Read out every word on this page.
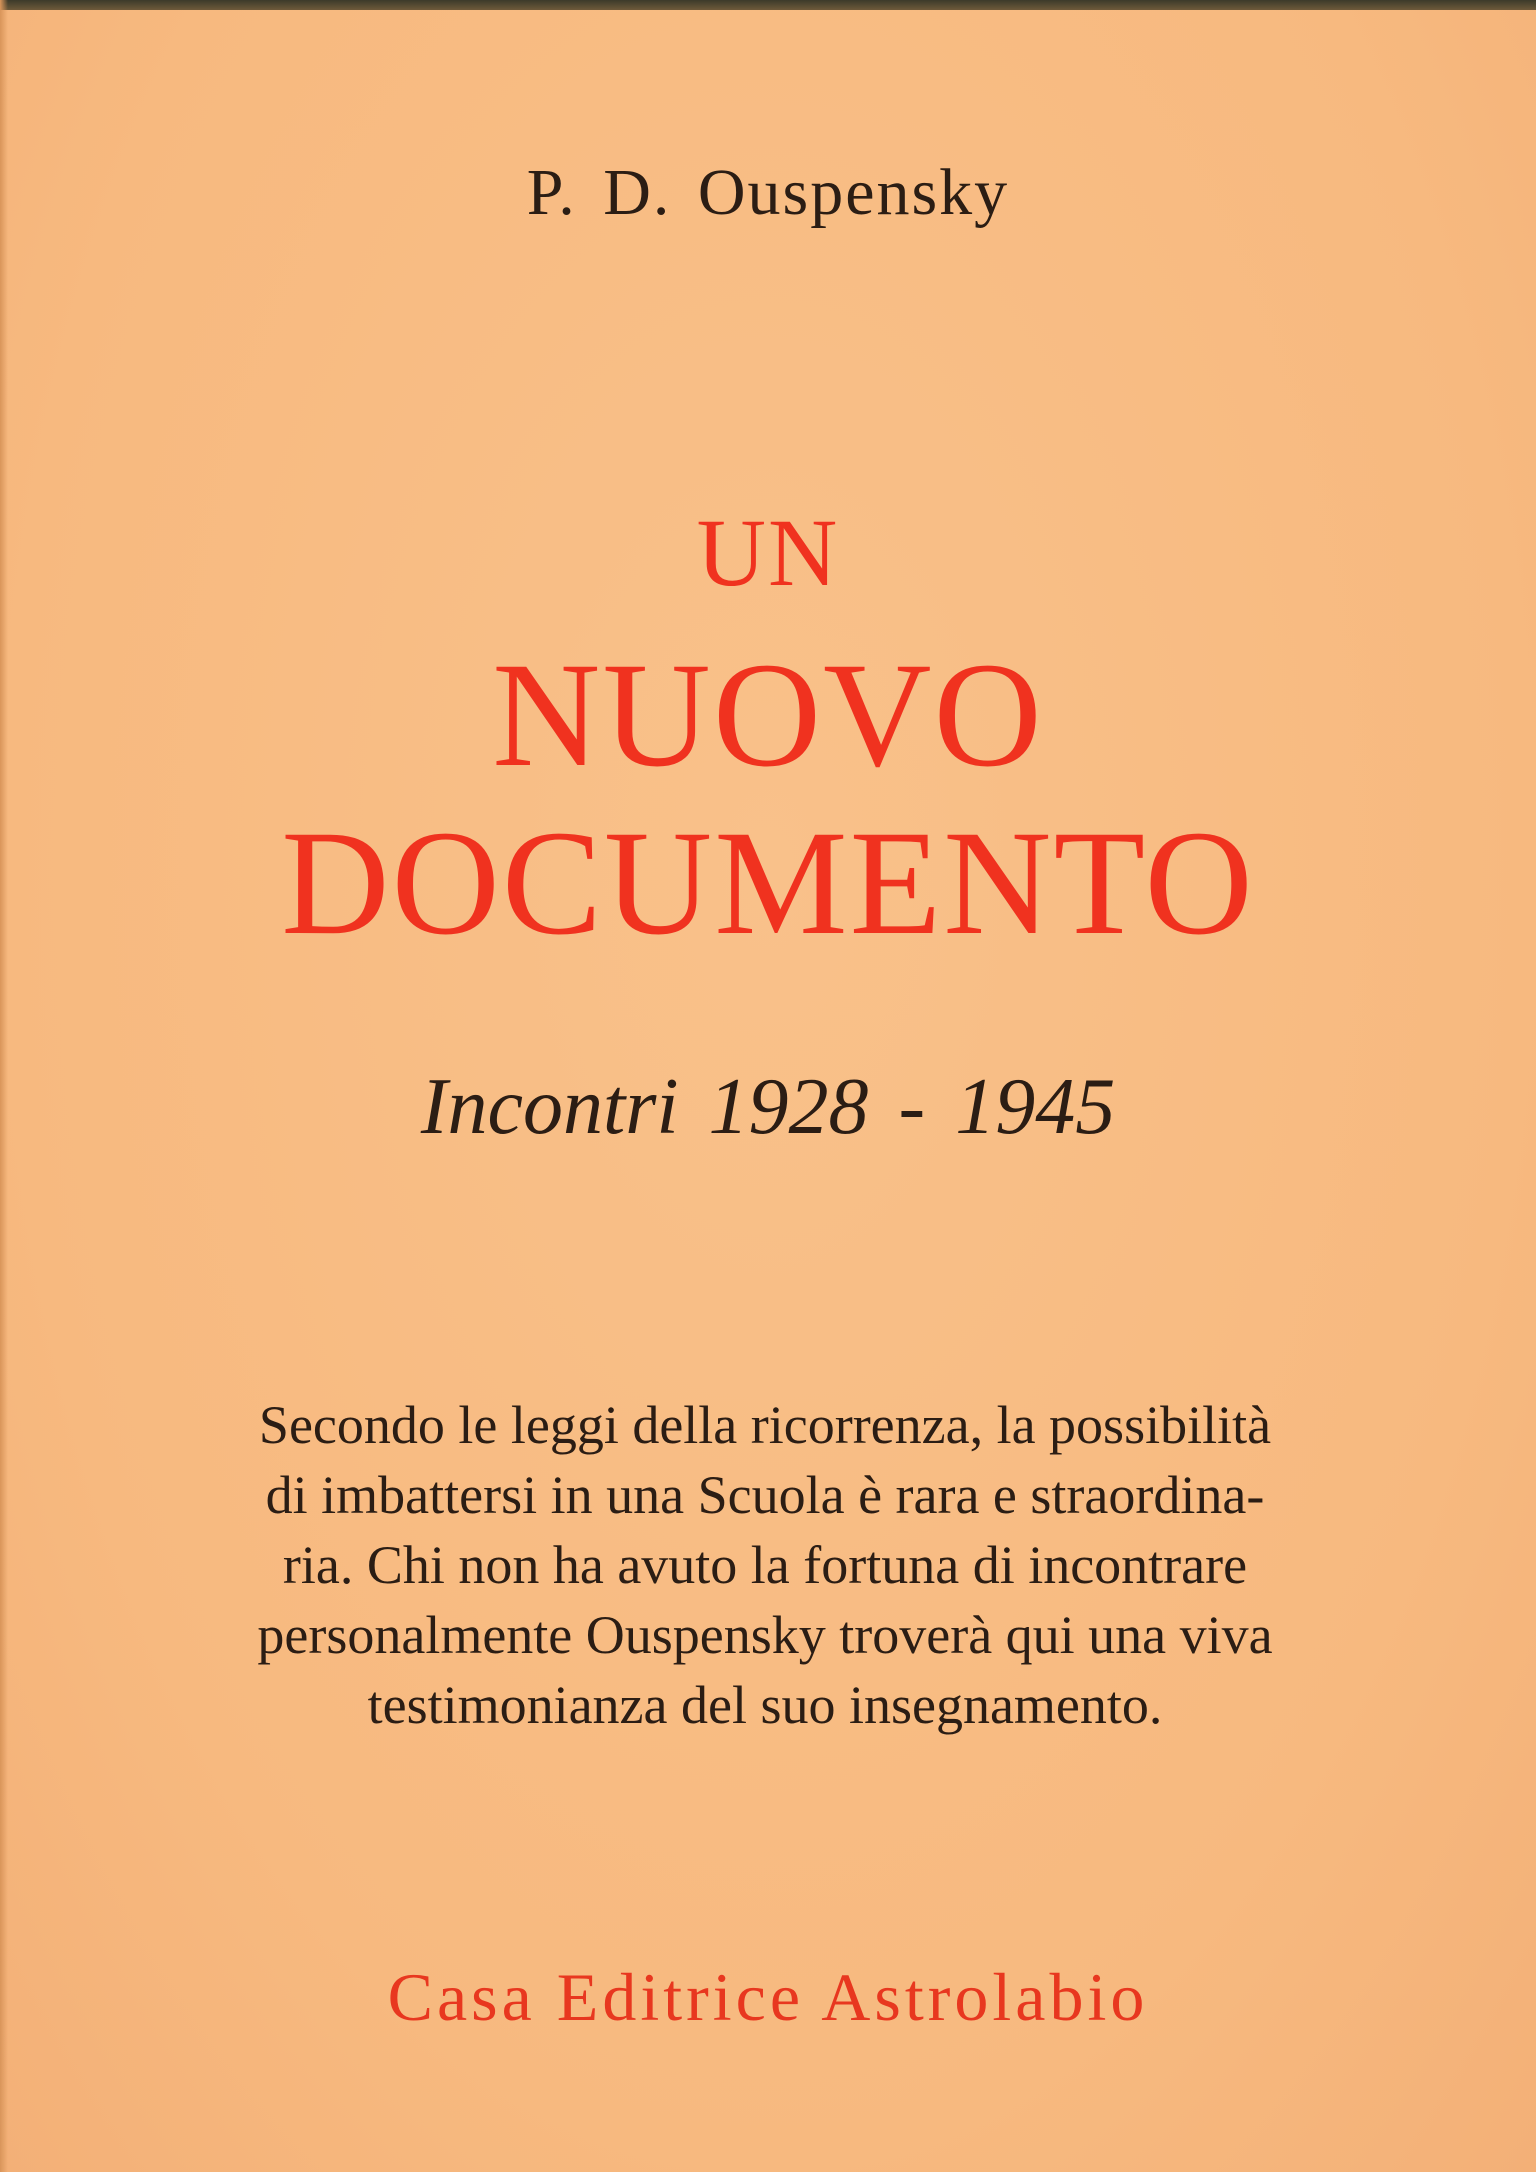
P. D. Ouspensky
UN
NUOVO
DOCUMENTO
Incontri 1928 - 1945
Secondo le leggi della ricorrenza, la possibilità
di imbattersi in una Scuola è rara e straordina-
ria. Chi non ha avuto la fortuna di incontrare
personalmente Ouspensky troverà qui una viva
testimonianza del suo insegnamento.
Casa Editrice Astrolabio
